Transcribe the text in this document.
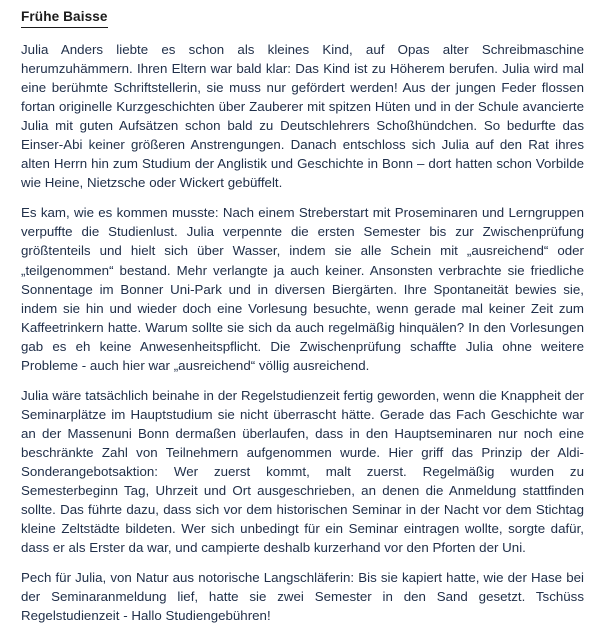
Frühe Baisse

Julia Anders liebte es schon als kleines Kind, auf Opas alter Schreibmaschine herumzuhämmern. Ihren Eltern war bald klar: Das Kind ist zu Höherem berufen. Julia wird mal eine berühmte Schriftstellerin, sie muss nur gefördert werden! Aus der jungen Feder flossen fortan originelle Kurzgeschichten über Zauberer mit spitzen Hüten und in der Schule avancierte Julia mit guten Aufsätzen schon bald zu Deutschlehrers Schoßhündchen. So bedurfte das Einser-Abi keiner größeren Anstrengungen. Danach entschloss sich Julia auf den Rat ihres alten Herrn hin zum Studium der Anglistik und Geschichte in Bonn – dort hatten schon Vorbilde wie Heine, Nietzsche oder Wickert gebüffelt.

Es kam, wie es kommen musste: Nach einem Streberstart mit Proseminaren und Lerngruppen verpuffte die Studienlust. Julia verpennte die ersten Semester bis zur Zwischenprüfung größtenteils und hielt sich über Wasser, indem sie alle Schein mit „ausreichend“ oder „teilgenommen“ bestand. Mehr verlangte ja auch keiner. Ansonsten verbrachte sie friedliche Sonnentage im Bonner Uni-Park und in diversen Biergärten. Ihre Spontaneität bewies sie, indem sie hin und wieder doch eine Vorlesung besuchte, wenn gerade mal keiner Zeit zum Kaffeetrinkern hatte. Warum sollte sie sich da auch regelmäßig hinquälen? In den Vorlesungen gab es eh keine Anwesenheitspflicht. Die Zwischenprüfung schaffte Julia ohne weitere Probleme - auch hier war „ausreichend“ völlig ausreichend.

Julia wäre tatsächlich beinahe in der Regelstudienzeit fertig geworden, wenn die Knappheit der Seminarplätze im Hauptstudium sie nicht überrascht hätte. Gerade das Fach Geschichte war an der Massenuni Bonn dermaßen überlaufen, dass in den Hauptseminaren nur noch eine beschränkte Zahl von Teilnehmern aufgenommen wurde. Hier griff das Prinzip der Aldi-Sonderangebotsaktion: Wer zuerst kommt, malt zuerst. Regelmäßig wurden zu Semesterbeginn Tag, Uhrzeit und Ort ausgeschrieben, an denen die Anmeldung stattfinden sollte. Das führte dazu, dass sich vor dem historischen Seminar in der Nacht vor dem Stichtag kleine Zeltstädte bildeten. Wer sich unbedingt für ein Seminar eintragen wollte, sorgte dafür, dass er als Erster da war, und campierte deshalb kurzerhand vor den Pforten der Uni.

Pech für Julia, von Natur aus notorische Langschläferin: Bis sie kapiert hatte, wie der Hase bei der Seminaranmeldung lief, hatte sie zwei Semester in den Sand gesetzt. Tschüss Regelstudienzeit - Hallo Studiengebühren!
